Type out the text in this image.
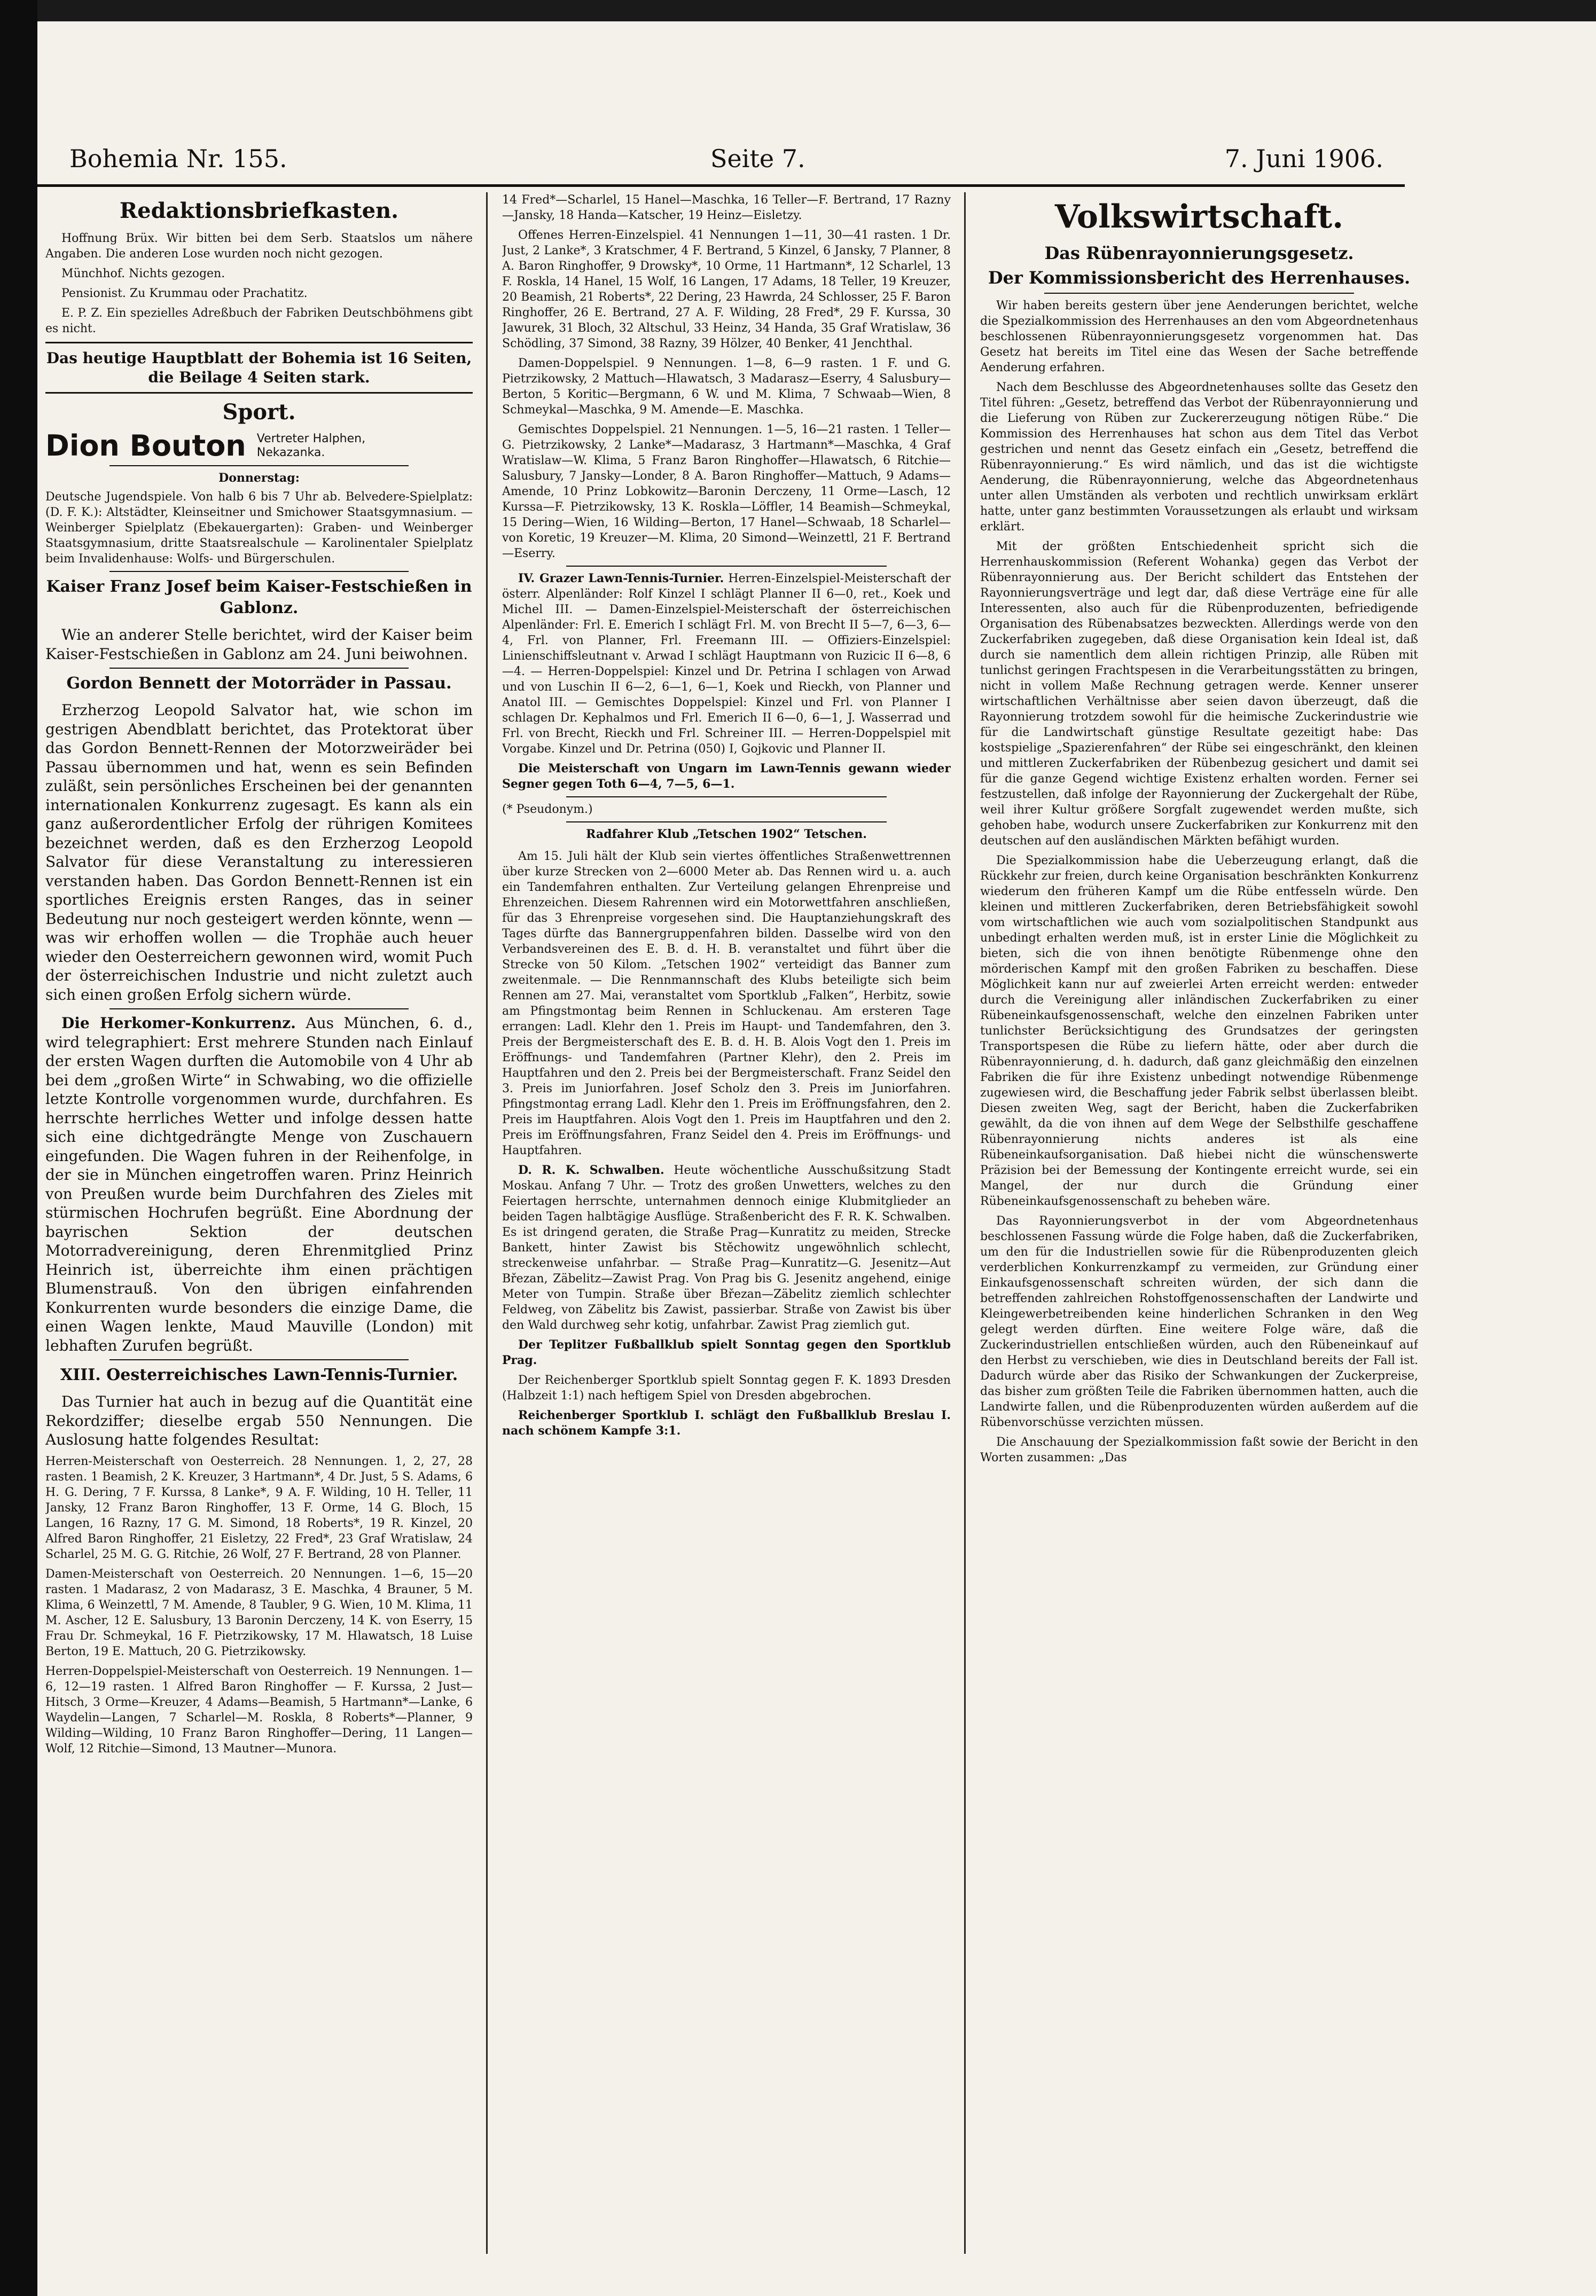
Bohemia Nr. 155.	Seite 7.	7. Juni 1906.
Redaktionsbriefkasten.

Hoffnung Brüx. Wir bitten bei dem Serb. Staatslos um nähere Angaben. Die anderen Lose wurden noch nicht gezogen.

Münchhof. Nichts gezogen.

Pensionist. Zu Krummau oder Prachatitz.

E. P. Z. Ein spezielles Adreßbuch der Fabriken Deutschböhmens gibt es nicht.

Das heutige Hauptblatt der Bohemia ist 16 Seiten, die Beilage 4 Seiten stark.

Sport.
Dion Bouton Vertreter Halphen,
Nekazanka.
Donnerstag:

Deutsche Jugendspiele. Von halb 6 bis 7 Uhr ab. Belvedere-Spielplatz: (D. F. K.): Altstädter, Kleinseitner und Smichower Staatsgymnasium. — Weinberger Spielplatz (Ebekauergarten): Graben- und Weinberger Staatsgymnasium, dritte Staatsrealschule — Karolinentaler Spielplatz beim Invalidenhause: Wolfs- und Bürgerschulen.

Kaiser Franz Josef beim Kaiser-Festschießen in Gablonz.

Wie an anderer Stelle berichtet, wird der Kaiser beim Kaiser-Festschießen in Gablonz am 24. Juni beiwohnen.

Gordon Bennett der Motorräder in Passau.

Erzherzog Leopold Salvator hat, wie schon im gestrigen Abendblatt berichtet, das Protektorat über das Gordon Bennett-Rennen der Motorzweiräder bei Passau übernommen und hat, wenn es sein Befinden zuläßt, sein persönliches Erscheinen bei der genannten internationalen Konkurrenz zugesagt. Es kann als ein ganz außerordentlicher Erfolg der rührigen Komitees bezeichnet werden, daß es den Erzherzog Leopold Salvator für diese Veranstaltung zu interessieren verstanden haben. Das Gordon Bennett-Rennen ist ein sportliches Ereignis ersten Ranges, das in seiner Bedeutung nur noch gesteigert werden könnte, wenn — was wir erhoffen wollen — die Trophäe auch heuer wieder den Oesterreichern gewonnen wird, womit Puch der österreichischen Industrie und nicht zuletzt auch sich einen großen Erfolg sichern würde.

Die Herkomer-Konkurrenz. Aus München, 6. d., wird telegraphiert: Erst mehrere Stunden nach Einlauf der ersten Wagen durften die Automobile von 4 Uhr ab bei dem „großen Wirte“ in Schwabing, wo die offizielle letzte Kontrolle vorgenommen wurde, durchfahren. Es herrschte herrliches Wetter und infolge dessen hatte sich eine dichtgedrängte Menge von Zuschauern eingefunden. Die Wagen fuhren in der Reihenfolge, in der sie in München eingetroffen waren. Prinz Heinrich von Preußen wurde beim Durchfahren des Zieles mit stürmischen Hochrufen begrüßt. Eine Abordnung der bayrischen Sektion der deutschen Motorradvereinigung, deren Ehrenmitglied Prinz Heinrich ist, überreichte ihm einen prächtigen Blumenstrauß. Von den übrigen einfahrenden Konkurrenten wurde besonders die einzige Dame, die einen Wagen lenkte, Maud Mauville (London) mit lebhaften Zurufen begrüßt.

XIII. Oesterreichisches Lawn-Tennis-Turnier.

Das Turnier hat auch in bezug auf die Quantität eine Rekordziffer; dieselbe ergab 550 Nennungen. Die Auslosung hatte folgendes Resultat:

Herren-Meisterschaft von Oesterreich. 28 Nennungen. 1, 2, 27, 28 rasten. 1 Beamish, 2 K. Kreuzer, 3 Hartmann*, 4 Dr. Just, 5 S. Adams, 6 H. G. Dering, 7 F. Kurssa, 8 Lanke*, 9 A. F. Wilding, 10 H. Teller, 11 Jansky, 12 Franz Baron Ringhoffer, 13 F. Orme, 14 G. Bloch, 15 Langen, 16 Razny, 17 G. M. Simond, 18 Roberts*, 19 R. Kinzel, 20 Alfred Baron Ringhoffer, 21 Eisletzy, 22 Fred*, 23 Graf Wratislaw, 24 Scharlel, 25 M. G. G. Ritchie, 26 Wolf, 27 F. Bertrand, 28 von Planner.

Damen-Meisterschaft von Oesterreich. 20 Nennungen. 1—6, 15—20 rasten. 1 Madarasz, 2 von Madarasz, 3 E. Maschka, 4 Brauner, 5 M. Klima, 6 Weinzettl, 7 M. Amende, 8 Taubler, 9 G. Wien, 10 M. Klima, 11 M. Ascher, 12 E. Salusbury, 13 Baronin Derczeny, 14 K. von Eserry, 15 Frau Dr. Schmeykal, 16 F. Pietrzikowsky, 17 M. Hlawatsch, 18 Luise Berton, 19 E. Mattuch, 20 G. Pietrzikowsky.

Herren-Doppelspiel-Meisterschaft von Oesterreich. 19 Nennungen. 1—6, 12—19 rasten. 1 Alfred Baron Ringhoffer — F. Kurssa, 2 Just—Hitsch, 3 Orme—Kreuzer, 4 Adams—Beamish, 5 Hartmann*—Lanke, 6 Waydelin—Langen, 7 Scharlel—M. Roskla, 8 Roberts*—Planner, 9 Wilding—Wilding, 10 Franz Baron Ringhoffer—Dering, 11 Langen—Wolf, 12 Ritchie—Simond, 13 Mautner—Munora.

14 Fred*—Scharlel, 15 Hanel—Maschka, 16 Teller—F. Bertrand, 17 Razny—Jansky, 18 Handa—Katscher, 19 Heinz—Eisletzy.

Offenes Herren-Einzelspiel. 41 Nennungen 1—11, 30—41 rasten. 1 Dr. Just, 2 Lanke*, 3 Kratschmer, 4 F. Bertrand, 5 Kinzel, 6 Jansky, 7 Planner, 8 A. Baron Ringhoffer, 9 Drowsky*, 10 Orme, 11 Hartmann*, 12 Scharlel, 13 F. Roskla, 14 Hanel, 15 Wolf, 16 Langen, 17 Adams, 18 Teller, 19 Kreuzer, 20 Beamish, 21 Roberts*, 22 Dering, 23 Hawrda, 24 Schlosser, 25 F. Baron Ringhoffer, 26 E. Bertrand, 27 A. F. Wilding, 28 Fred*, 29 F. Kurssa, 30 Jawurek, 31 Bloch, 32 Altschul, 33 Heinz, 34 Handa, 35 Graf Wratislaw, 36 Schödling, 37 Simond, 38 Razny, 39 Hölzer, 40 Benker, 41 Jenchthal.

Damen-Doppelspiel. 9 Nennungen. 1—8, 6—9 rasten. 1 F. und G. Pietrzikowsky, 2 Mattuch—Hlawatsch, 3 Madarasz—Eserry, 4 Salusbury—Berton, 5 Koritic—Bergmann, 6 W. und M. Klima, 7 Schwaab—Wien, 8 Schmeykal—Maschka, 9 M. Amende—E. Maschka.

Gemischtes Doppelspiel. 21 Nennungen. 1—5, 16—21 rasten. 1 Teller—G. Pietrzikowsky, 2 Lanke*—Madarasz, 3 Hartmann*—Maschka, 4 Graf Wratislaw—W. Klima, 5 Franz Baron Ringhoffer—Hlawatsch, 6 Ritchie—Salusbury, 7 Jansky—Londer, 8 A. Baron Ringhoffer—Mattuch, 9 Adams—Amende, 10 Prinz Lobkowitz—Baronin Derczeny, 11 Orme—Lasch, 12 Kurssa—F. Pietrzikowsky, 13 K. Roskla—Löffler, 14 Beamish—Schmeykal, 15 Dering—Wien, 16 Wilding—Berton, 17 Hanel—Schwaab, 18 Scharlel—von Koretic, 19 Kreuzer—M. Klima, 20 Simond—Weinzettl, 21 F. Bertrand—Eserry.

IV. Grazer Lawn-Tennis-Turnier. Herren-Einzelspiel-Meisterschaft der österr. Alpenländer: Rolf Kinzel I schlägt Planner II 6—0, ret., Koek und Michel III. — Damen-Einzelspiel-Meisterschaft der österreichischen Alpenländer: Frl. E. Emerich I schlägt Frl. M. von Brecht II 5—7, 6—3, 6—4, Frl. von Planner, Frl. Freemann III. — Offiziers-Einzelspiel: Linienschiffsleutnant v. Arwad I schlägt Hauptmann von Ruzicic II 6—8, 6—4. — Herren-Doppelspiel: Kinzel und Dr. Petrina I schlagen von Arwad und von Luschin II 6—2, 6—1, 6—1, Koek und Rieckh, von Planner und Anatol III. — Gemischtes Doppelspiel: Kinzel und Frl. von Planner I schlagen Dr. Kephalmos und Frl. Emerich II 6—0, 6—1, J. Wasserrad und Frl. von Brecht, Rieckh und Frl. Schreiner III. — Herren-Doppelspiel mit Vorgabe. Kinzel und Dr. Petrina (050) I, Gojkovic und Planner II.

Die Meisterschaft von Ungarn im Lawn-Tennis gewann wieder Segner gegen Toth 6—4, 7—5, 6—1.

(* Pseudonym.)

Radfahrer Klub „Tetschen 1902“ Tetschen.

Am 15. Juli hält der Klub sein viertes öffentliches Straßenwettrennen über kurze Strecken von 2—6000 Meter ab. Das Rennen wird u. a. auch ein Tandemfahren enthalten. Zur Verteilung gelangen Ehrenpreise und Ehrenzeichen. Diesem Rahrennen wird ein Motorwettfahren anschließen, für das 3 Ehrenpreise vorgesehen sind. Die Hauptanziehungskraft des Tages dürfte das Bannergruppenfahren bilden. Dasselbe wird von den Verbandsvereinen des E. B. d. H. B. veranstaltet und führt über die Strecke von 50 Kilom. „Tetschen 1902“ verteidigt das Banner zum zweitenmale. — Die Rennmannschaft des Klubs beteiligte sich beim Rennen am 27. Mai, veranstaltet vom Sportklub „Falken“, Herbitz, sowie am Pfingstmontag beim Rennen in Schluckenau. Am ersteren Tage errangen: Ladl. Klehr den 1. Preis im Haupt- und Tandemfahren, den 3. Preis der Bergmeisterschaft des E. B. d. H. B. Alois Vogt den 1. Preis im Eröffnungs- und Tandemfahren (Partner Klehr), den 2. Preis im Hauptfahren und den 2. Preis bei der Bergmeisterschaft. Franz Seidel den 3. Preis im Juniorfahren. Josef Scholz den 3. Preis im Juniorfahren. Pfingstmontag errang Ladl. Klehr den 1. Preis im Eröffnungsfahren, den 2. Preis im Hauptfahren. Alois Vogt den 1. Preis im Hauptfahren und den 2. Preis im Eröffnungsfahren, Franz Seidel den 4. Preis im Eröffnungs- und Hauptfahren.

D. R. K. Schwalben. Heute wöchentliche Ausschußsitzung Stadt Moskau. Anfang 7 Uhr. — Trotz des großen Unwetters, welches zu den Feiertagen herrschte, unternahmen dennoch einige Klubmitglieder an beiden Tagen halbtägige Ausflüge. Straßenbericht des F. R. K. Schwalben. Es ist dringend geraten, die Straße Prag—Kunratitz zu meiden, Strecke Bankett, hinter Zawist bis Stěchowitz ungewöhnlich schlecht, streckenweise unfahrbar. — Straße Prag—Kunratitz—G. Jesenitz—Aut Březan, Zäbelitz—Zawist Prag. Von Prag bis G. Jesenitz angehend, einige Meter von Tumpin. Straße über Březan—Zäbelitz ziemlich schlechter Feldweg, von Zäbelitz bis Zawist, passierbar. Straße von Zawist bis über den Wald durchweg sehr kotig, unfahrbar. Zawist Prag ziemlich gut.

Der Teplitzer Fußballklub spielt Sonntag gegen den Sportklub Prag.

Der Reichenberger Sportklub spielt Sonntag gegen F. K. 1893 Dresden (Halbzeit 1:1) nach heftigem Spiel von Dresden abgebrochen.

Reichenberger Sportklub I. schlägt den Fußballklub Breslau I. nach schönem Kampfe 3:1.

Volkswirtschaft.
Das Rübenrayonnierungsgesetz.
Der Kommissionsbericht des Herrenhauses.

Wir haben bereits gestern über jene Aenderungen berichtet, welche die Spezialkommission des Herrenhauses an den vom Abgeordnetenhaus beschlossenen Rübenrayonnierungsgesetz vorgenommen hat. Das Gesetz hat bereits im Titel eine das Wesen der Sache betreffende Aenderung erfahren.

Nach dem Beschlusse des Abgeordnetenhauses sollte das Gesetz den Titel führen: „Gesetz, betreffend das Verbot der Rübenrayonnierung und die Lieferung von Rüben zur Zuckererzeugung nötigen Rübe.“ Die Kommission des Herrenhauses hat schon aus dem Titel das Verbot gestrichen und nennt das Gesetz einfach ein „Gesetz, betreffend die Rübenrayonnierung.“ Es wird nämlich, und das ist die wichtigste Aenderung, die Rübenrayonnierung, welche das Abgeordnetenhaus unter allen Umständen als verboten und rechtlich unwirksam erklärt hatte, unter ganz bestimmten Voraussetzungen als erlaubt und wirksam erklärt.

Mit der größten Entschiedenheit spricht sich die Herrenhauskommission (Referent Wohanka) gegen das Verbot der Rübenrayonnierung aus. Der Bericht schildert das Entstehen der Rayonnierungsverträge und legt dar, daß diese Verträge eine für alle Interessenten, also auch für die Rübenproduzenten, befriedigende Organisation des Rübenabsatzes bezweckten. Allerdings werde von den Zuckerfabriken zugegeben, daß diese Organisation kein Ideal ist, daß durch sie namentlich dem allein richtigen Prinzip, alle Rüben mit tunlichst geringen Frachtspesen in die Verarbeitungsstätten zu bringen, nicht in vollem Maße Rechnung getragen werde. Kenner unserer wirtschaftlichen Verhältnisse aber seien davon überzeugt, daß die Rayonnierung trotzdem sowohl für die heimische Zuckerindustrie wie für die Landwirtschaft günstige Resultate gezeitigt habe: Das kostspielige „Spazierenfahren“ der Rübe sei eingeschränkt, den kleinen und mittleren Zuckerfabriken der Rübenbezug gesichert und damit sei für die ganze Gegend wichtige Existenz erhalten worden. Ferner sei festzustellen, daß infolge der Rayonnierung der Zuckergehalt der Rübe, weil ihrer Kultur größere Sorgfalt zugewendet werden mußte, sich gehoben habe, wodurch unsere Zuckerfabriken zur Konkurrenz mit den deutschen auf den ausländischen Märkten befähigt wurden.

Die Spezialkommission habe die Ueberzeugung erlangt, daß die Rückkehr zur freien, durch keine Organisation beschränkten Konkurrenz wiederum den früheren Kampf um die Rübe entfesseln würde. Den kleinen und mittleren Zuckerfabriken, deren Betriebsfähigkeit sowohl vom wirtschaftlichen wie auch vom sozialpolitischen Standpunkt aus unbedingt erhalten werden muß, ist in erster Linie die Möglichkeit zu bieten, sich die von ihnen benötigte Rübenmenge ohne den mörderischen Kampf mit den großen Fabriken zu beschaffen. Diese Möglichkeit kann nur auf zweierlei Arten erreicht werden: entweder durch die Vereinigung aller inländischen Zuckerfabriken zu einer Rübeneinkaufsgenossenschaft, welche den einzelnen Fabriken unter tunlichster Berücksichtigung des Grundsatzes der geringsten Transportspesen die Rübe zu liefern hätte, oder aber durch die Rübenrayonnierung, d. h. dadurch, daß ganz gleichmäßig den einzelnen Fabriken die für ihre Existenz unbedingt notwendige Rübenmenge zugewiesen wird, die Beschaffung jeder Fabrik selbst überlassen bleibt. Diesen zweiten Weg, sagt der Bericht, haben die Zuckerfabriken gewählt, da die von ihnen auf dem Wege der Selbsthilfe geschaffene Rübenrayonnierung nichts anderes ist als eine Rübeneinkaufsorganisation. Daß hiebei nicht die wünschenswerte Präzision bei der Bemessung der Kontingente erreicht wurde, sei ein Mangel, der nur durch die Gründung einer Rübeneinkaufsgenossenschaft zu beheben wäre.

Das Rayonnierungsverbot in der vom Abgeordnetenhaus beschlossenen Fassung würde die Folge haben, daß die Zuckerfabriken, um den für die Industriellen sowie für die Rübenproduzenten gleich verderblichen Konkurrenzkampf zu vermeiden, zur Gründung einer Einkaufsgenossenschaft schreiten würden, der sich dann die betreffenden zahlreichen Rohstoffgenossenschaften der Landwirte und Kleingewerbetreibenden keine hinderlichen Schranken in den Weg gelegt werden dürften. Eine weitere Folge wäre, daß die Zuckerindustriellen entschließen würden, auch den Rübeneinkauf auf den Herbst zu verschieben, wie dies in Deutschland bereits der Fall ist. Dadurch würde aber das Risiko der Schwankungen der Zuckerpreise, das bisher zum größten Teile die Fabriken übernommen hatten, auch die Landwirte fallen, und die Rübenproduzenten würden außerdem auf die Rübenvorschüsse verzichten müssen.

Die Anschauung der Spezialkommission faßt sowie der Bericht in den Worten zusammen: „Das
